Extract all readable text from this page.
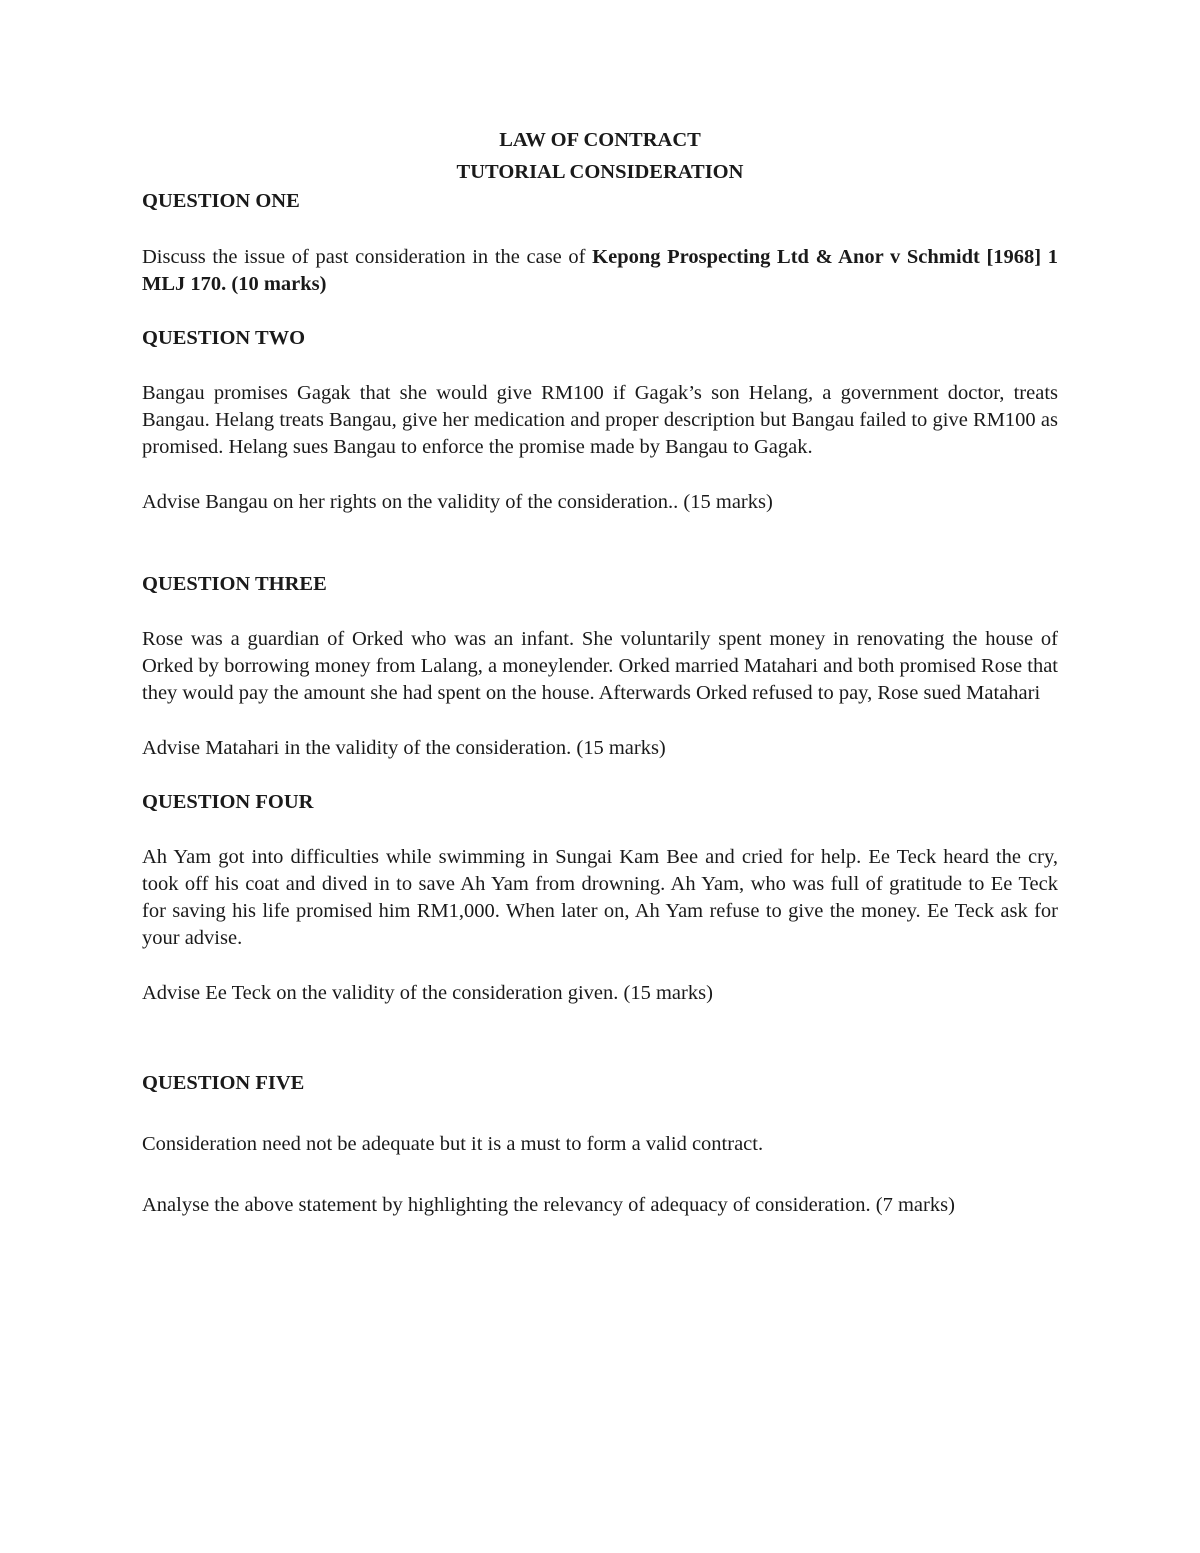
LAW OF CONTRACT

TUTORIAL CONSIDERATION

QUESTION ONE

Discuss the issue of past consideration in the case of Kepong Prospecting Ltd & Anor v Schmidt [1968] 1 MLJ 170. (10 marks)

QUESTION TWO

Bangau promises Gagak that she would give RM100 if Gagak’s son Helang, a government doctor, treats Bangau. Helang treats Bangau, give her medication and proper description but Bangau failed to give RM100 as promised. Helang sues Bangau to enforce the promise made by Bangau to Gagak.

Advise Bangau on her rights on the validity of the consideration.. (15 marks)

QUESTION THREE

Rose was a guardian of Orked who was an infant. She voluntarily spent money in renovating the house of Orked by borrowing money from Lalang, a moneylender. Orked married Matahari and both promised Rose that they would pay the amount she had spent on the house. Afterwards Orked refused to pay, Rose sued Matahari

Advise Matahari in the validity of the consideration. (15 marks)

QUESTION FOUR

Ah Yam got into difficulties while swimming in Sungai Kam Bee and cried for help. Ee Teck heard the cry, took off his coat and dived in to save Ah Yam from drowning. Ah Yam, who was full of gratitude to Ee Teck for saving his life promised him RM1,000. When later on, Ah Yam refuse to give the money. Ee Teck ask for your advise.

Advise Ee Teck on the validity of the consideration given. (15 marks)

QUESTION FIVE

Consideration need not be adequate but it is a must to form a valid contract.

Analyse the above statement by highlighting the relevancy of adequacy of consideration. (7 marks)
